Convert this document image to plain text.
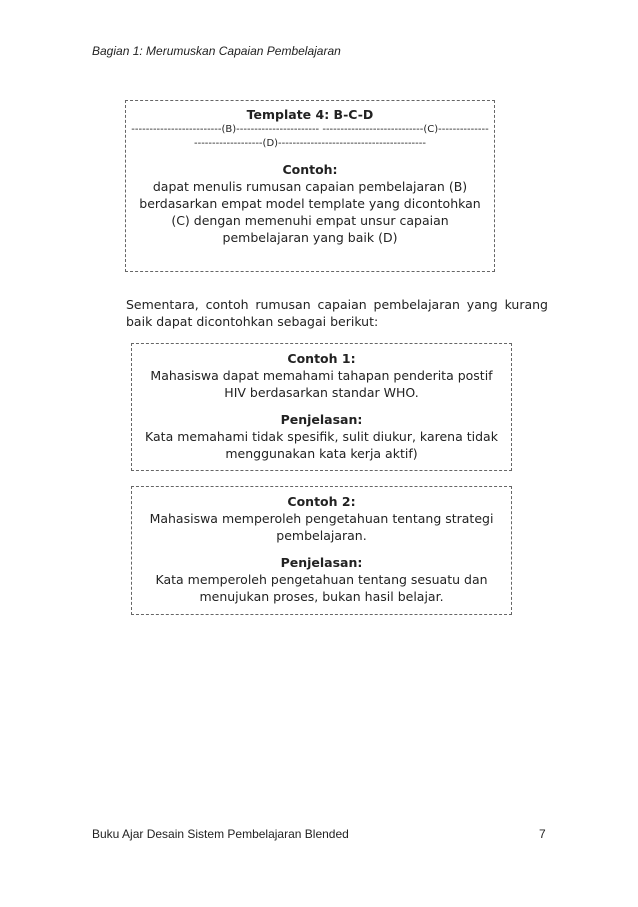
Bagian 1: Merumuskan Capaian Pembelajaran
Template 4: B-C-D
-------------------------(B)----------------------- ----------------------------(C)--------------
-------------------(D)-----------------------------------------
Contoh:
dapat menulis rumusan capaian pembelajaran (B)
berdasarkan empat model template yang dicontohkan
(C) dengan memenuhi empat unsur capaian
pembelajaran yang baik (D)
Sementara, contoh rumusan capaian pembelajaran yang kurang baik dapat dicontohkan sebagai berikut:
Contoh 1:
Mahasiswa dapat memahami tahapan penderita postif
HIV berdasarkan standar WHO.
Penjelasan:
Kata memahami tidak spesifik, sulit diukur, karena tidak
menggunakan kata kerja aktif)
Contoh 2:
Mahasiswa memperoleh pengetahuan tentang strategi
pembelajaran.
Penjelasan:
Kata memperoleh pengetahuan tentang sesuatu dan
menujukan proses, bukan hasil belajar.
Buku Ajar Desain Sistem Pembelajaran Blended	7
